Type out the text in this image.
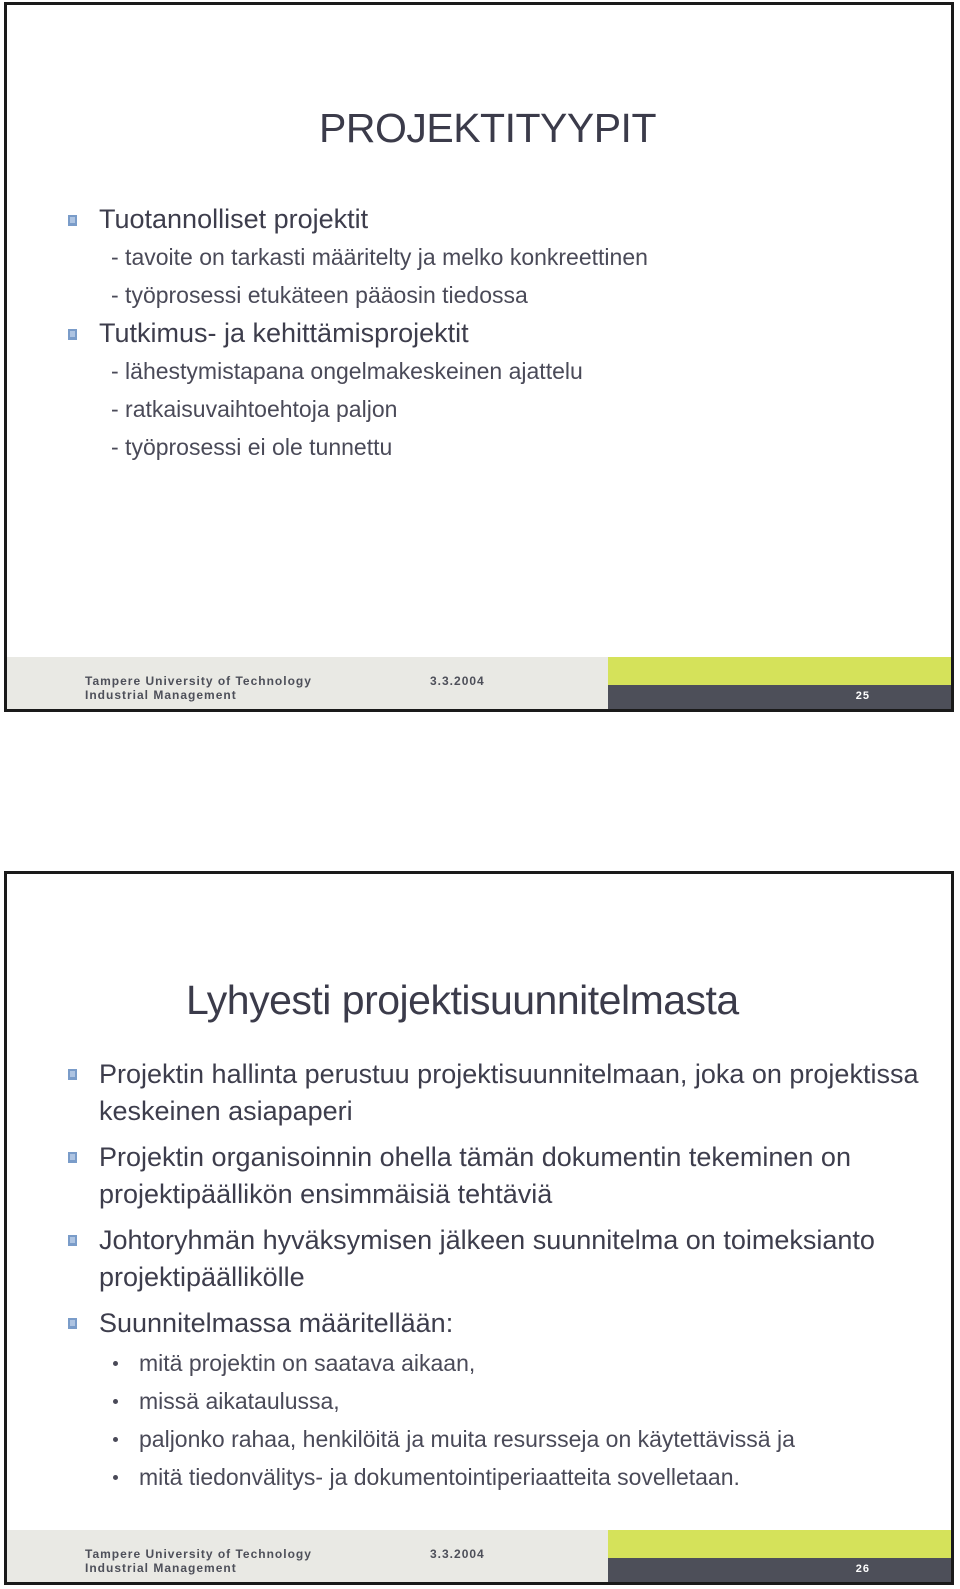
PROJEKTITYYPIT
Tuotannolliset projektit
- tavoite on tarkasti määritelty ja melko konkreettinen
- työprosessi etukäteen pääosin tiedossa
Tutkimus- ja kehittämisprojektit
- lähestymistapana ongelmakeskeinen ajattelu
- ratkaisuvaihtoehtoja paljon
- työprosessi ei ole tunnettu
Tampere University of Technology
Industrial Management
3.3.2004
25
Lyhyesti projektisuunnitelmasta
Projektin hallinta perustuu projektisuunnitelmaan, joka on projektissa keskeinen asiapaperi
Projektin organisoinnin ohella tämän dokumentin tekeminen on projektipäällikön ensimmäisiä tehtäviä
Johtoryhmän hyväksymisen jälkeen suunnitelma on toimeksianto projektipäällikölle
Suunnitelmassa määritellään:
mitä projektin on saatava aikaan,
missä aikataulussa,
paljonko rahaa, henkilöitä ja muita resursseja on käytettävissä ja
mitä tiedonvälitys- ja dokumentointiperiaatteita sovelletaan.
Tampere University of Technology
Industrial Management
3.3.2004
26
